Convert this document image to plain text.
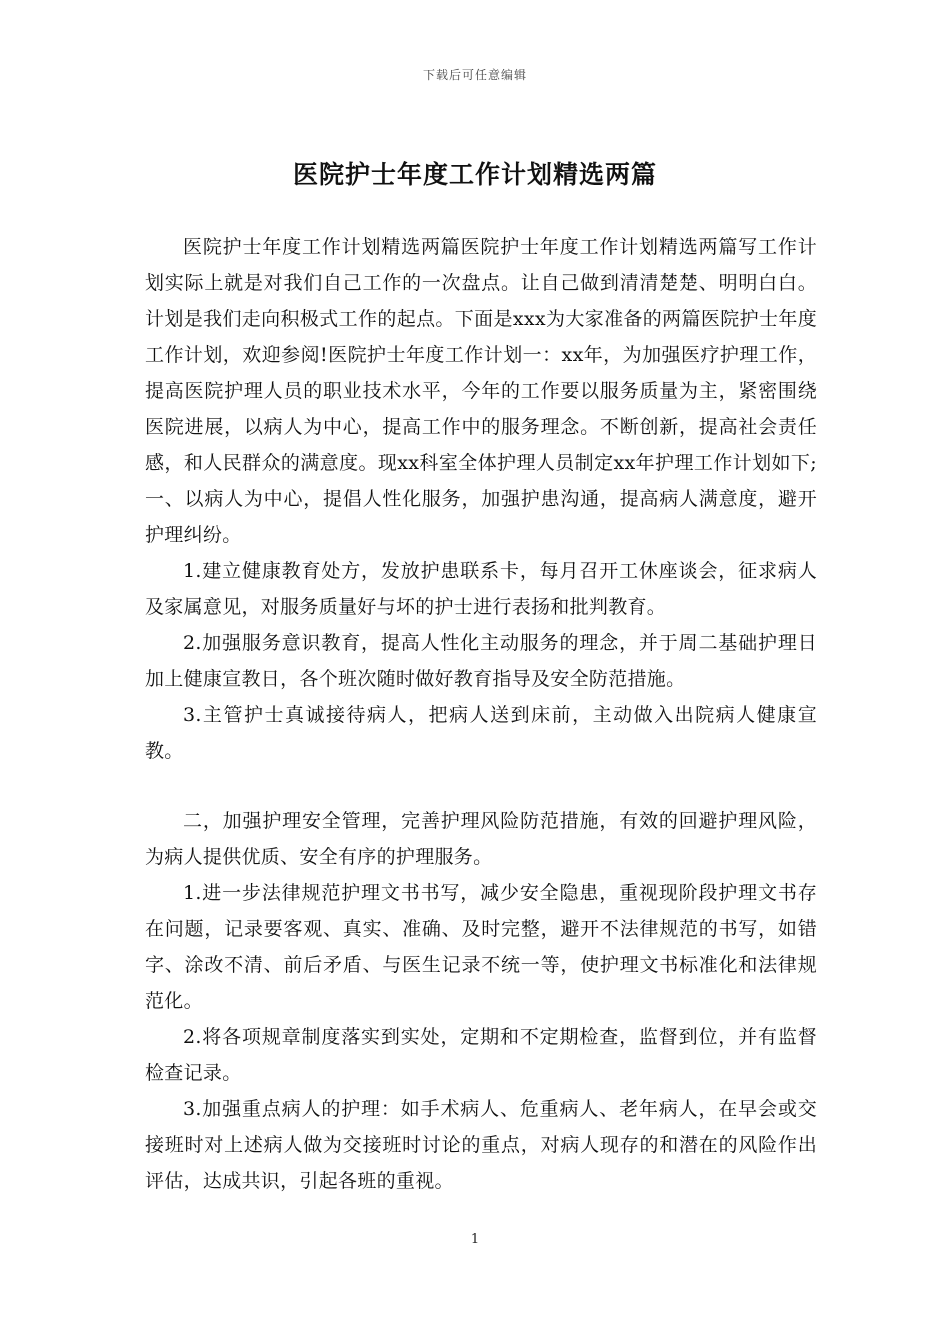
下载后可任意编辑
医院护士年度工作计划精选两篇

医院护士年度工作计划精选两篇医院护士年度工作计划精选两篇写工作计划实际上就是对我们自己工作的一次盘点。让自己做到清清楚楚、明明白白。计划是我们走向积极式工作的起点。下面是xxx为大家准备的两篇医院护士年度工作计划，欢迎参阅!医院护士年度工作计划一：xx年，为加强医疗护理工作，提高医院护理人员的职业技术水平，今年的工作要以服务质量为主，紧密围绕医院进展，以病人为中心，提高工作中的服务理念。不断创新，提高社会责任感，和人民群众的满意度。现xx科室全体护理人员制定xx年护理工作计划如下;一、以病人为中心，提倡人性化服务，加强护患沟通，提高病人满意度，避开护理纠纷。

1.建立健康教育处方，发放护患联系卡，每月召开工休座谈会，征求病人及家属意见，对服务质量好与坏的护士进行表扬和批判教育。

2.加强服务意识教育，提高人性化主动服务的理念，并于周二基础护理日加上健康宣教日，各个班次随时做好教育指导及安全防范措施。

3.主管护士真诚接待病人，把病人送到床前，主动做入出院病人健康宣教。

二，加强护理安全管理，完善护理风险防范措施，有效的回避护理风险，为病人提供优质、安全有序的护理服务。

1.进一步法律规范护理文书书写，减少安全隐患，重视现阶段护理文书存在问题，记录要客观、真实、准确、及时完整，避开不法律规范的书写，如错字、涂改不清、前后矛盾、与医生记录不统一等，使护理文书标准化和法律规范化。

2.将各项规章制度落实到实处，定期和不定期检查，监督到位，并有监督检查记录。

3.加强重点病人的护理：如手术病人、危重病人、老年病人，在早会或交接班时对上述病人做为交接班时讨论的重点，对病人现存的和潜在的风险作出评估，达成共识，引起各班的重视。

1
